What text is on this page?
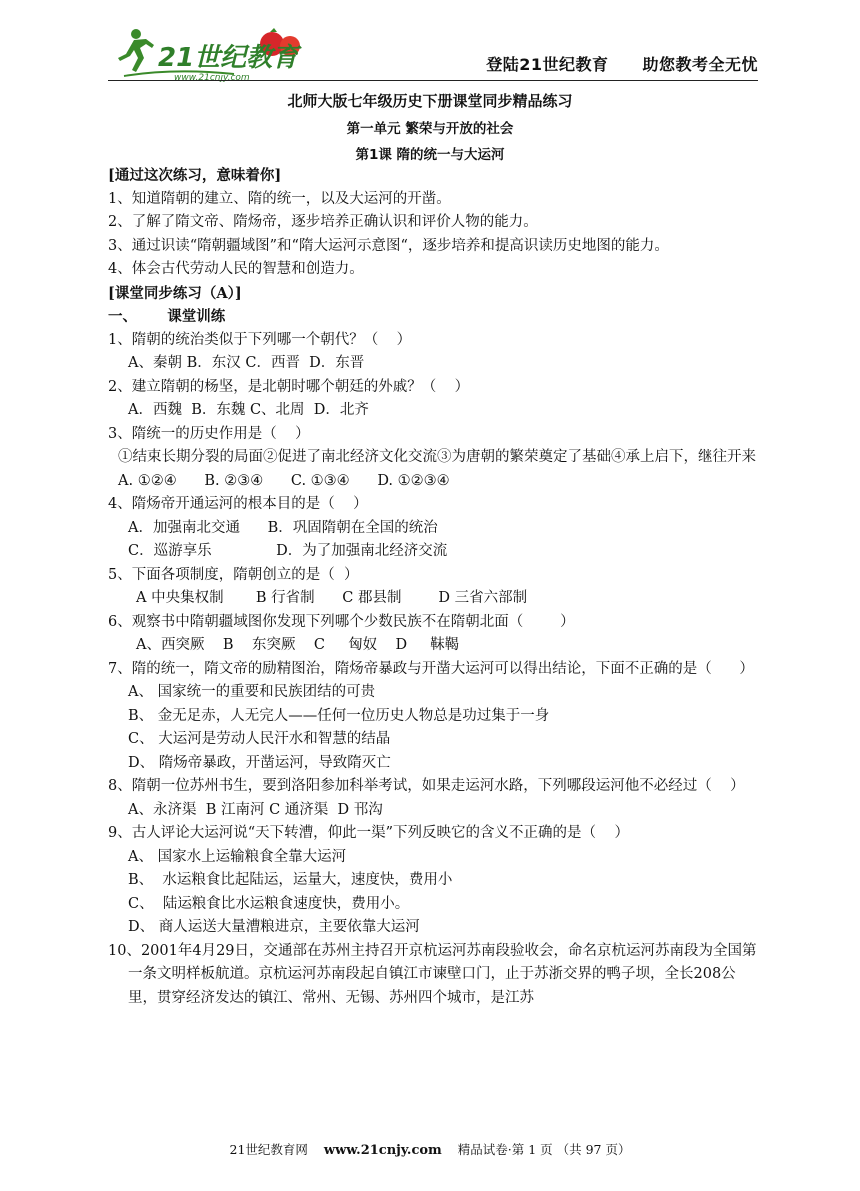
21世纪教育
www.21cnjy.com
登陆21世纪教育 助您教考全无忧
北师大版七年级历史下册课堂同步精品练习
第一单元 繁荣与开放的社会
第1课 隋的统一与大运河

[通过这次练习，意味着你]

1、知道隋朝的建立、隋的统一，以及大运河的开凿。

2、了解了隋文帝、隋炀帝，逐步培养正确认识和评价人物的能力。

3、通过识读“隋朝疆域图”和“隋大运河示意图“，逐步培养和提高识读历史地图的能力。

4、体会古代劳动人民的智慧和创造力。

[课堂同步练习（A）]

一、      课堂训练

1、隋朝的统治类似于下列哪一个朝代？（    ）

A、秦朝 B．东汉 C．西晋  D．东晋

2、建立隋朝的杨坚，是北朝时哪个朝廷的外戚？（    ）

A．西魏  B．东魏 C、北周  D．北齐

3、隋统一的历史作用是（    ）

①结束长期分裂的局面②促进了南北经济文化交流③为唐朝的繁荣奠定了基础④承上启下，继往开来

A. ①②④      B. ②③④      C. ①③④      D. ①②③④

4、隋炀帝开通运河的根本目的是（    ）

A．加强南北交通      B．巩固隋朝在全国的统治

C．巡游享乐              D．为了加强南北经济交流

5、下面各项制度，隋朝创立的是（  ）

A 中央集权制       B 行省制      C 郡县制        D 三省六部制

6、观察书中隋朝疆域图你发现下列哪个少数民族不在隋朝北面（        ）

A、西突厥    B    东突厥    C     匈奴    D     靺鞨

7、隋的统一，隋文帝的励精图治，隋炀帝暴政与开凿大运河可以得出结论，下面不正确的是（      ）

A、 国家统一的重要和民族团结的可贵

B、 金无足赤，人无完人——任何一位历史人物总是功过集于一身

C、 大运河是劳动人民汗水和智慧的结晶

D、 隋炀帝暴政，开凿运河，导致隋灭亡

8、隋朝一位苏州书生，要到洛阳参加科举考试，如果走运河水路，下列哪段运河他不必经过（    ）

A、永济渠  B 江南河 C 通济渠  D 邗沟

9、古人评论大运河说“天下转漕，仰此一渠”下列反映它的含义不正确的是（    ）

A、 国家水上运输粮食全靠大运河

B、  水运粮食比起陆运，运量大，速度快，费用小

C、  陆运粮食比水运粮食速度快，费用小。

D、 商人运送大量漕粮进京，主要依靠大运河

10、2001年4月29日，交通部在苏州主持召开京杭运河苏南段验收会，命名京杭运河苏南段为全国第一条文明样板航道。京杭运河苏南段起自镇江市谏壁口门，止于苏浙交界的鸭子坝，全长208公里，贯穿经济发达的镇江、常州、无锡、苏州四个城市，是江苏

21世纪教育网 www.21cnjy.com 精品试卷·第 1 页 （共 97 页）
